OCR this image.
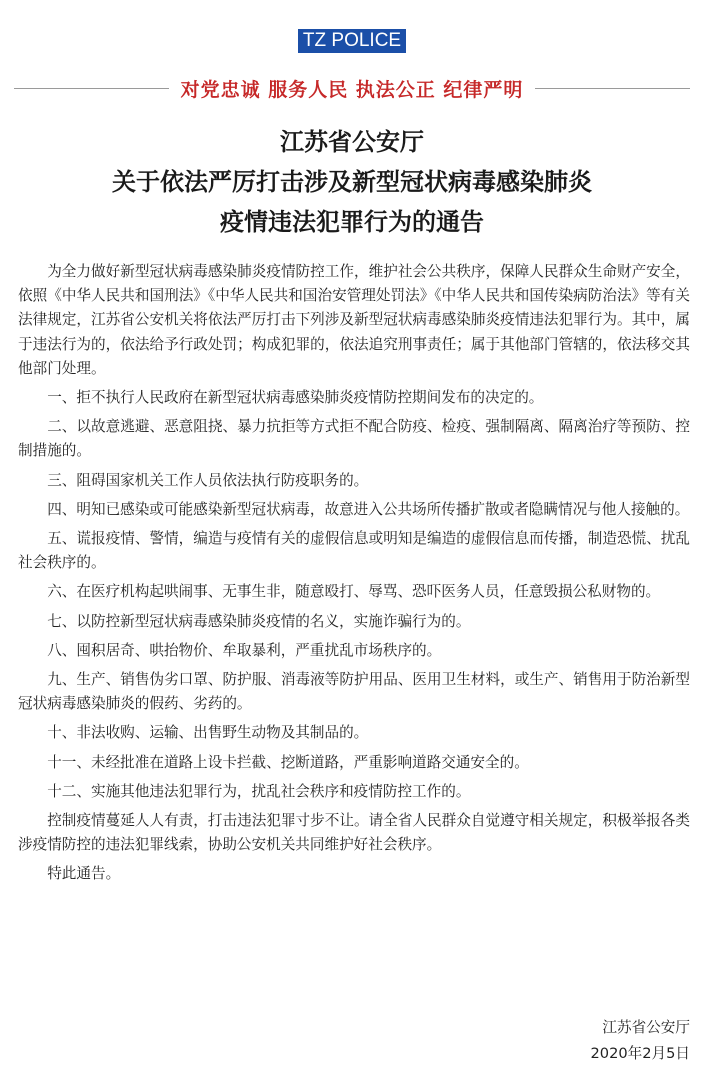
TZ POLICE
对党忠诚 服务人民 执法公正 纪律严明
江苏省公安厅
关于依法严厉打击涉及新型冠状病毒感染肺炎
疫情违法犯罪行为的通告

为全力做好新型冠状病毒感染肺炎疫情防控工作，维护社会公共秩序，保障人民群众生命财产安全，依照《中华人民共和国刑法》《中华人民共和国治安管理处罚法》《中华人民共和国传染病防治法》等有关法律规定，江苏省公安机关将依法严厉打击下列涉及新型冠状病毒感染肺炎疫情违法犯罪行为。其中，属于违法行为的，依法给予行政处罚；构成犯罪的，依法追究刑事责任；属于其他部门管辖的，依法移交其他部门处理。

一、拒不执行人民政府在新型冠状病毒感染肺炎疫情防控期间发布的决定的。

二、以故意逃避、恶意阻挠、暴力抗拒等方式拒不配合防疫、检疫、强制隔离、隔离治疗等预防、控制措施的。

三、阻碍国家机关工作人员依法执行防疫职务的。

四、明知已感染或可能感染新型冠状病毒，故意进入公共场所传播扩散或者隐瞒情况与他人接触的。

五、谎报疫情、警情，编造与疫情有关的虚假信息或明知是编造的虚假信息而传播，制造恐慌、扰乱社会秩序的。

六、在医疗机构起哄闹事、无事生非，随意殴打、辱骂、恐吓医务人员，任意毁损公私财物的。

七、以防控新型冠状病毒感染肺炎疫情的名义，实施诈骗行为的。

八、囤积居奇、哄抬物价、牟取暴利，严重扰乱市场秩序的。

九、生产、销售伪劣口罩、防护服、消毒液等防护用品、医用卫生材料，或生产、销售用于防治新型冠状病毒感染肺炎的假药、劣药的。

十、非法收购、运输、出售野生动物及其制品的。

十一、未经批准在道路上设卡拦截、挖断道路，严重影响道路交通安全的。

十二、实施其他违法犯罪行为，扰乱社会秩序和疫情防控工作的。

控制疫情蔓延人人有责，打击违法犯罪寸步不让。请全省人民群众自觉遵守相关规定，积极举报各类涉疫情防控的违法犯罪线索，协助公安机关共同维护好社会秩序。

特此通告。

江苏省公安厅
2020年2月5日
